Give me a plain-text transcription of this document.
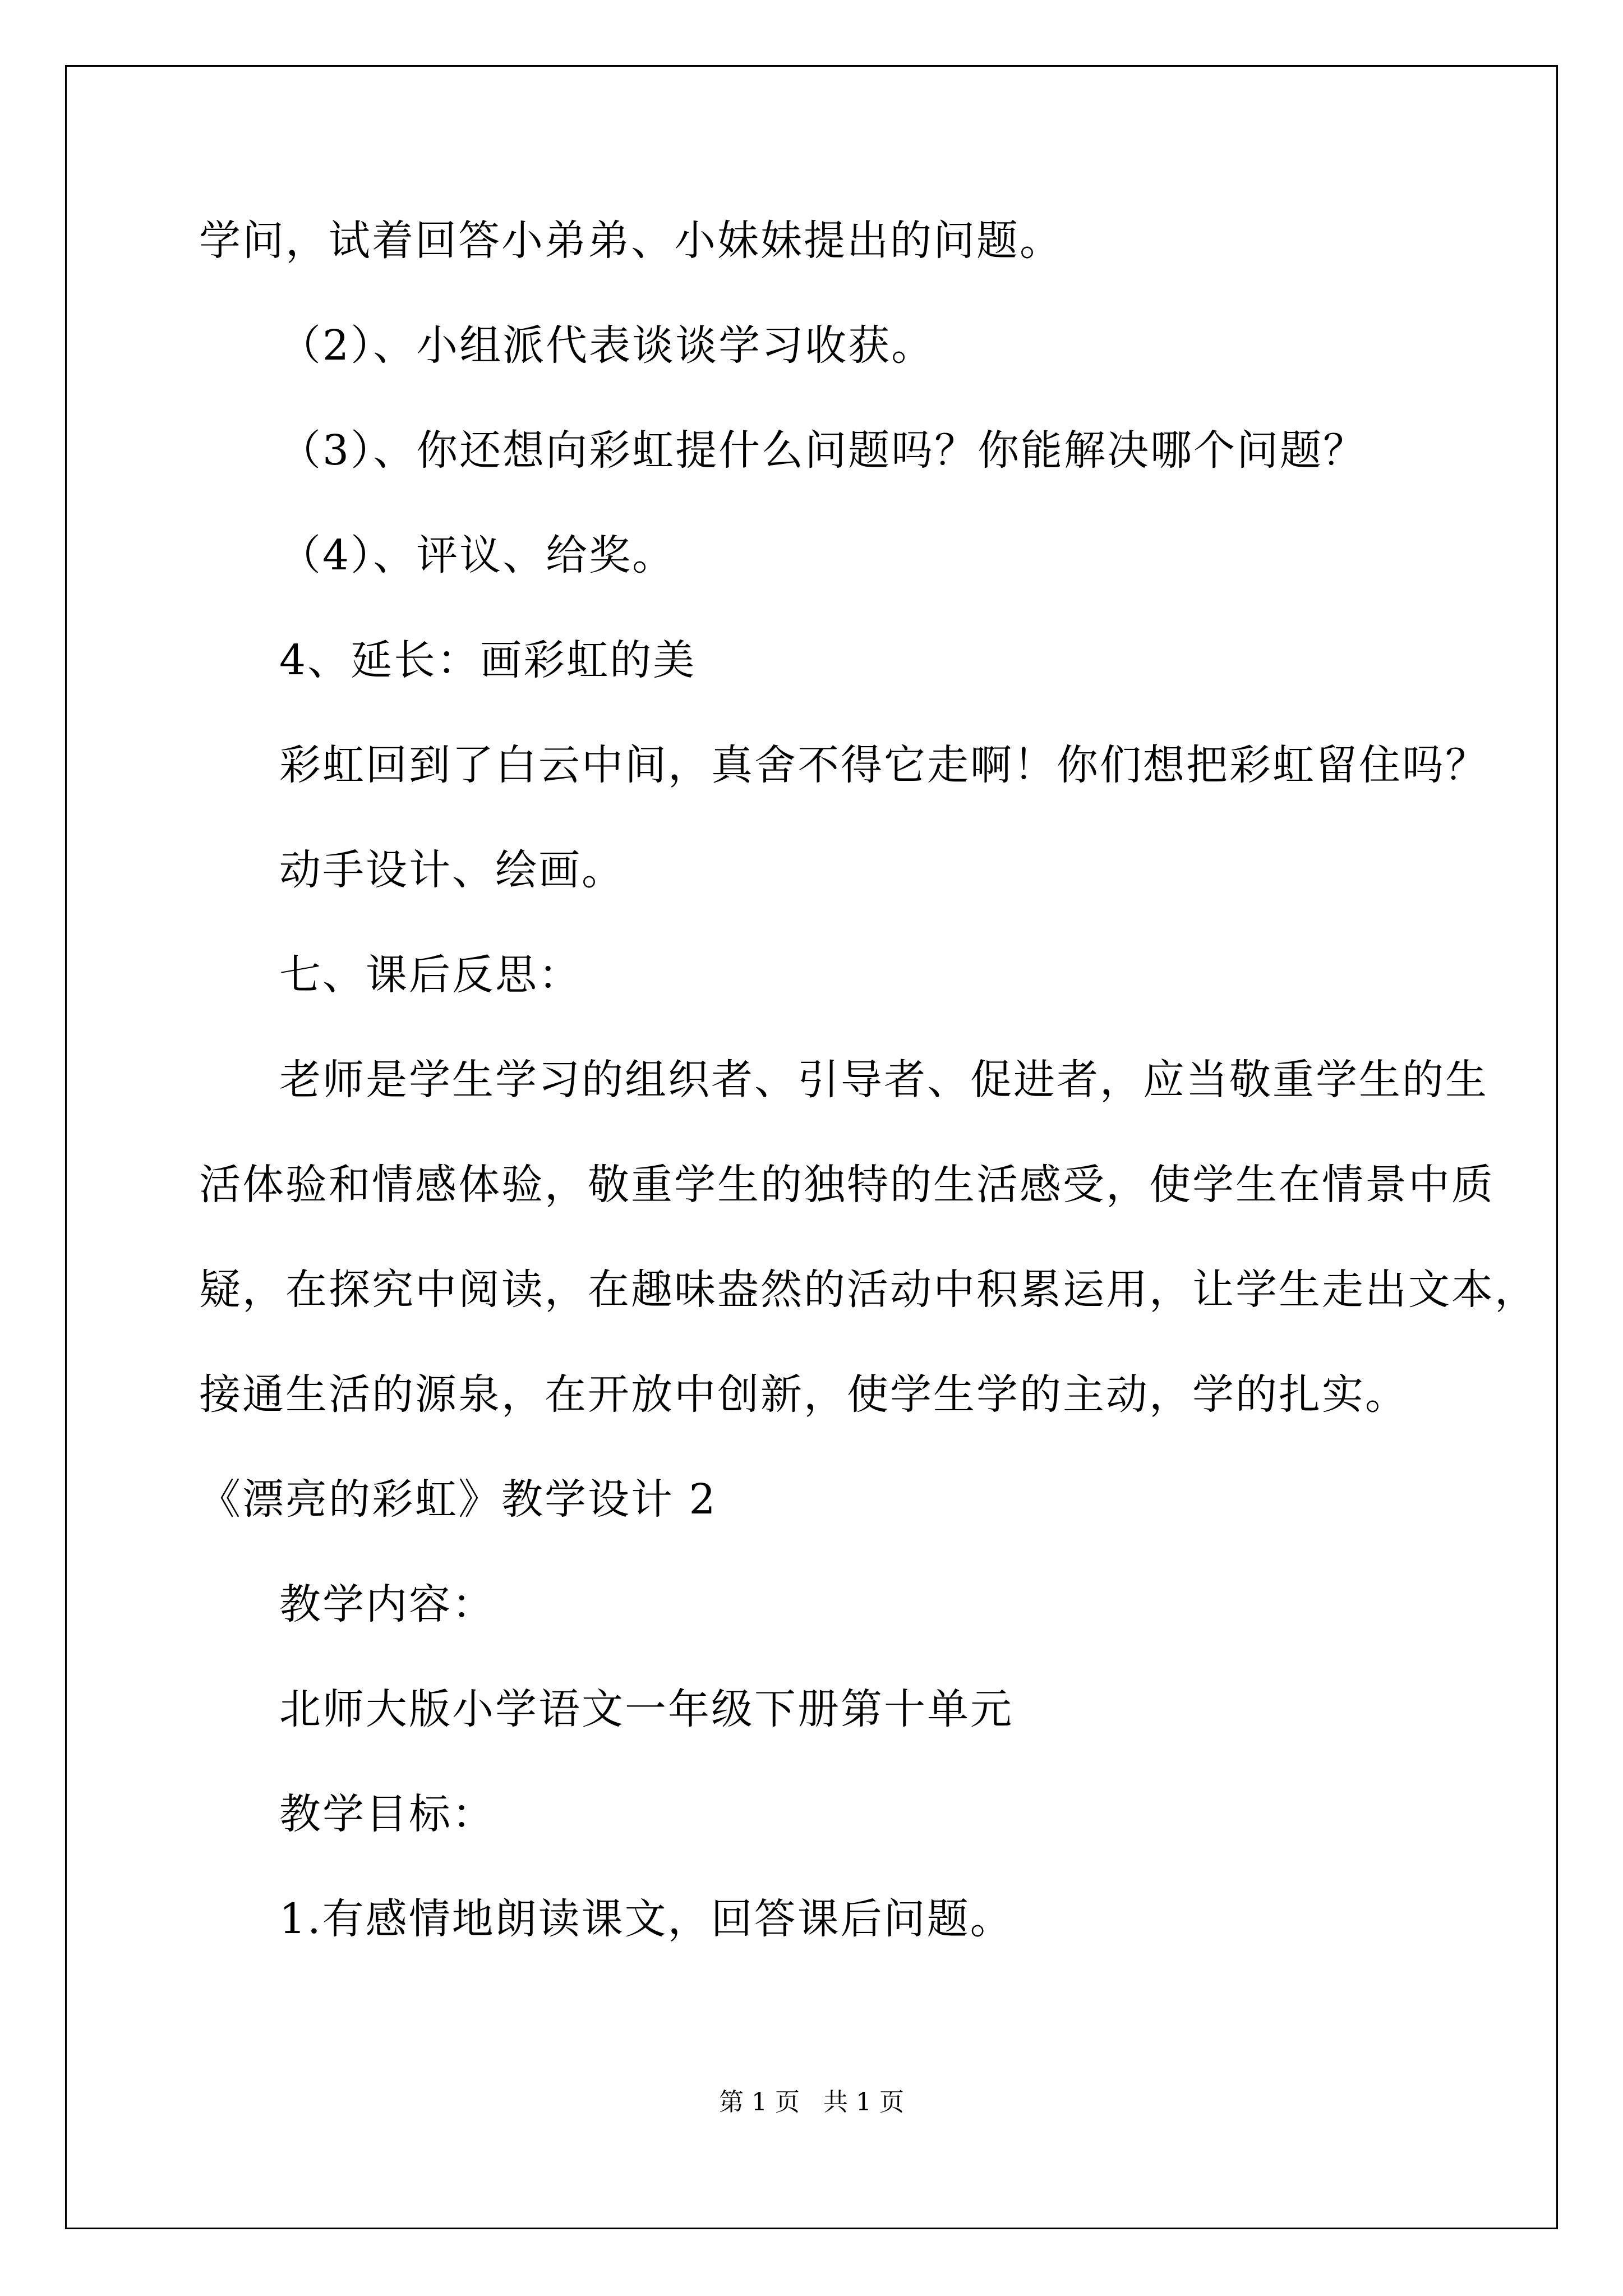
学问，试着回答小弟弟、小妹妹提出的问题。
（2）、小组派代表谈谈学习收获。
（3）、你还想向彩虹提什么问题吗？你能解决哪个问题？
（4）、评议、给奖。
4、延长：画彩虹的美
彩虹回到了白云中间，真舍不得它走啊！你们想把彩虹留住吗？
动手设计、绘画。
七、课后反思：
老师是学生学习的组织者、引导者、促进者，应当敬重学生的生
活体验和情感体验，敬重学生的独特的生活感受，使学生在情景中质
疑，在探究中阅读，在趣味盎然的活动中积累运用，让学生走出文本，
接通生活的源泉，在开放中创新，使学生学的主动，学的扎实。
《漂亮的彩虹》教学设计 2
教学内容：
北师大版小学语文一年级下册第十单元
教学目标：
1.有感情地朗读课文，回答课后问题。
第 1 页   共 1 页
